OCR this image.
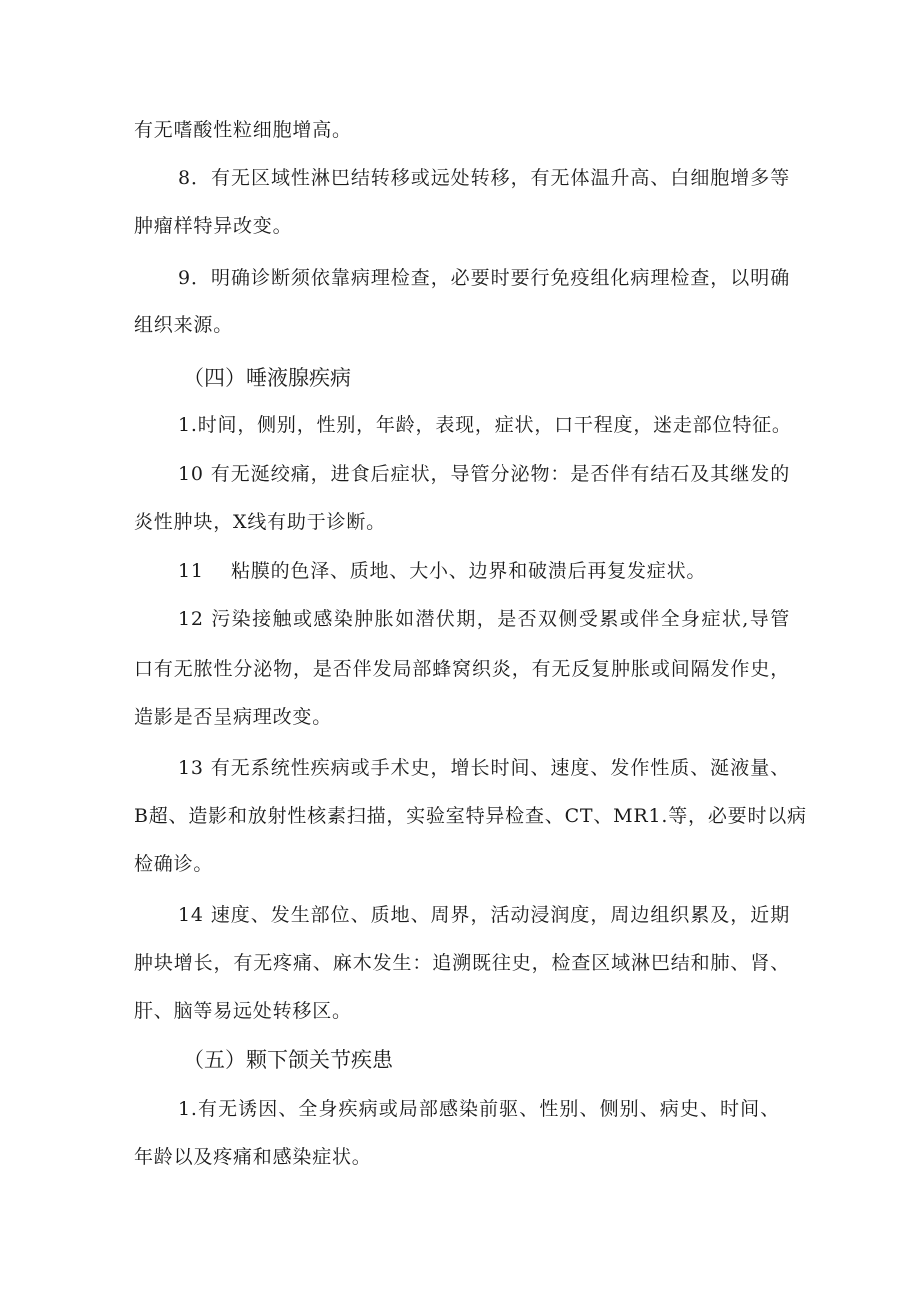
有无嗜酸性粒细胞增高。
8．有无区域性淋巴结转移或远处转移，有无体温升高、白细胞增多等
肿瘤样特异改变。
9．明确诊断须依靠病理检查，必要时要行免疫组化病理检查，以明确
组织来源。
（四）唾液腺疾病
1.时间，侧别，性别，年龄，表现，症状，口干程度，迷走部位特征。
10 有无涎绞痛，进食后症状，导管分泌物：是否伴有结石及其继发的
炎性肿块，X线有助于诊断。
11 粘膜的色泽、质地、大小、边界和破溃后再复发症状。
12 污染接触或感染肿胀如潜伏期，是否双侧受累或伴全身症状,导管
口有无脓性分泌物，是否伴发局部蜂窝织炎，有无反复肿胀或间隔发作史，
造影是否呈病理改变。
13 有无系统性疾病或手术史，增长时间、速度、发作性质、涎液量、
B超、造影和放射性核素扫描，实验室特异检查、CT、MR1.等，必要时以病
检确诊。
14 速度、发生部位、质地、周界，活动浸润度，周边组织累及，近期
肿块增长，有无疼痛、麻木发生：追溯既往史，检查区域淋巴结和肺、肾、
肝、脑等易远处转移区。
（五）颗下颌关节疾患
1.有无诱因、全身疾病或局部感染前驱、性别、侧别、病史、时间、
年龄以及疼痛和感染症状。
